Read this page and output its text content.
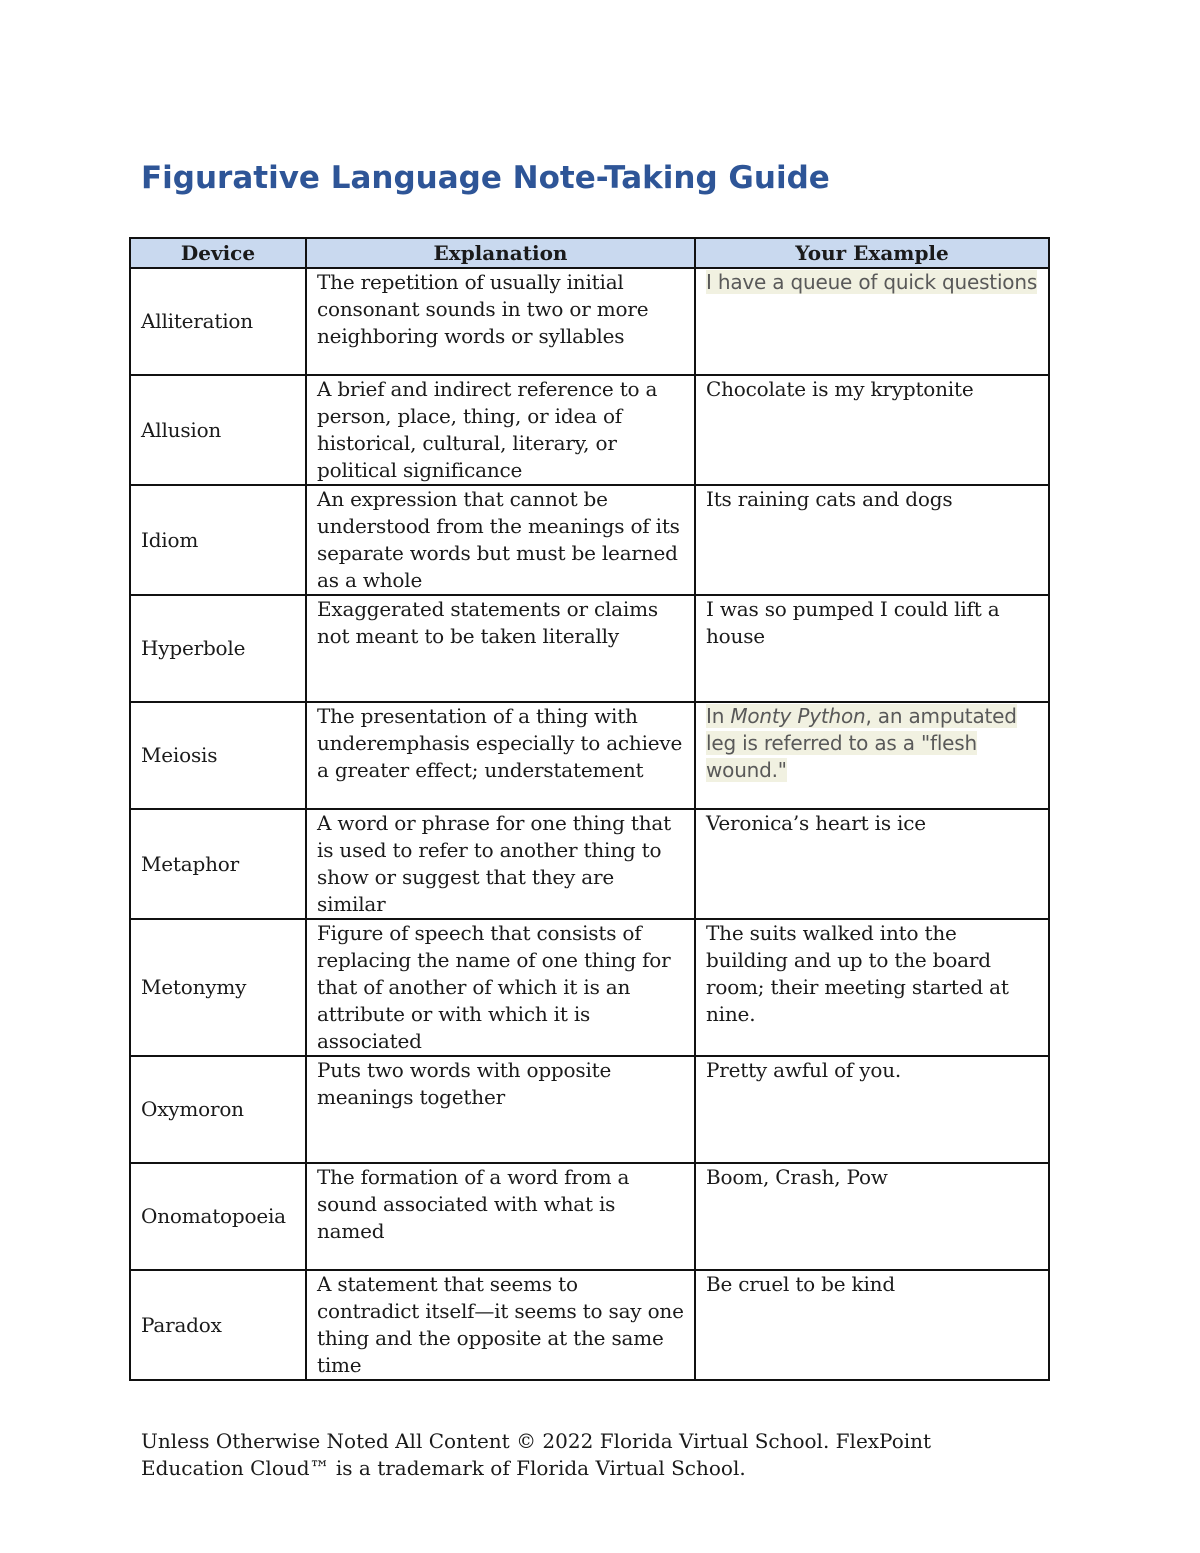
Figurative Language Note-Taking Guide
Device	Explanation	Your Example
Alliteration	The repetition of usually initial consonant sounds in two or more neighboring words or syllables	I have a queue of quick questions
Allusion	A brief and indirect reference to a person, place, thing, or idea of historical, cultural, literary, or political significance	Chocolate is my kryptonite
Idiom	An expression that cannot be understood from the meanings of its separate words but must be learned as a whole	Its raining cats and dogs
Hyperbole	Exaggerated statements or claims not meant to be taken literally	I was so pumped I could lift a house
Meiosis	The presentation of a thing with underemphasis especially to achieve a greater effect; understatement	In Monty Python, an amputated leg is referred to as a "flesh wound."
Metaphor	A word or phrase for one thing that is used to refer to another thing to show or suggest that they are similar	Veronica’s heart is ice
Metonymy	Figure of speech that consists of replacing the name of one thing for that of another of which it is an attribute or with which it is associated	The suits walked into the building and up to the board room; their meeting started at nine.
Oxymoron	Puts two words with opposite meanings together	Pretty awful of you.
Onomatopoeia	The formation of a word from a sound associated with what is named	Boom, Crash, Pow
Paradox	A statement that seems to contradict itself—it seems to say one thing and the opposite at the same time	Be cruel to be kind

Unless Otherwise Noted All Content © 2022 Florida Virtual School. FlexPoint Education Cloud™ is a trademark of Florida Virtual School.
